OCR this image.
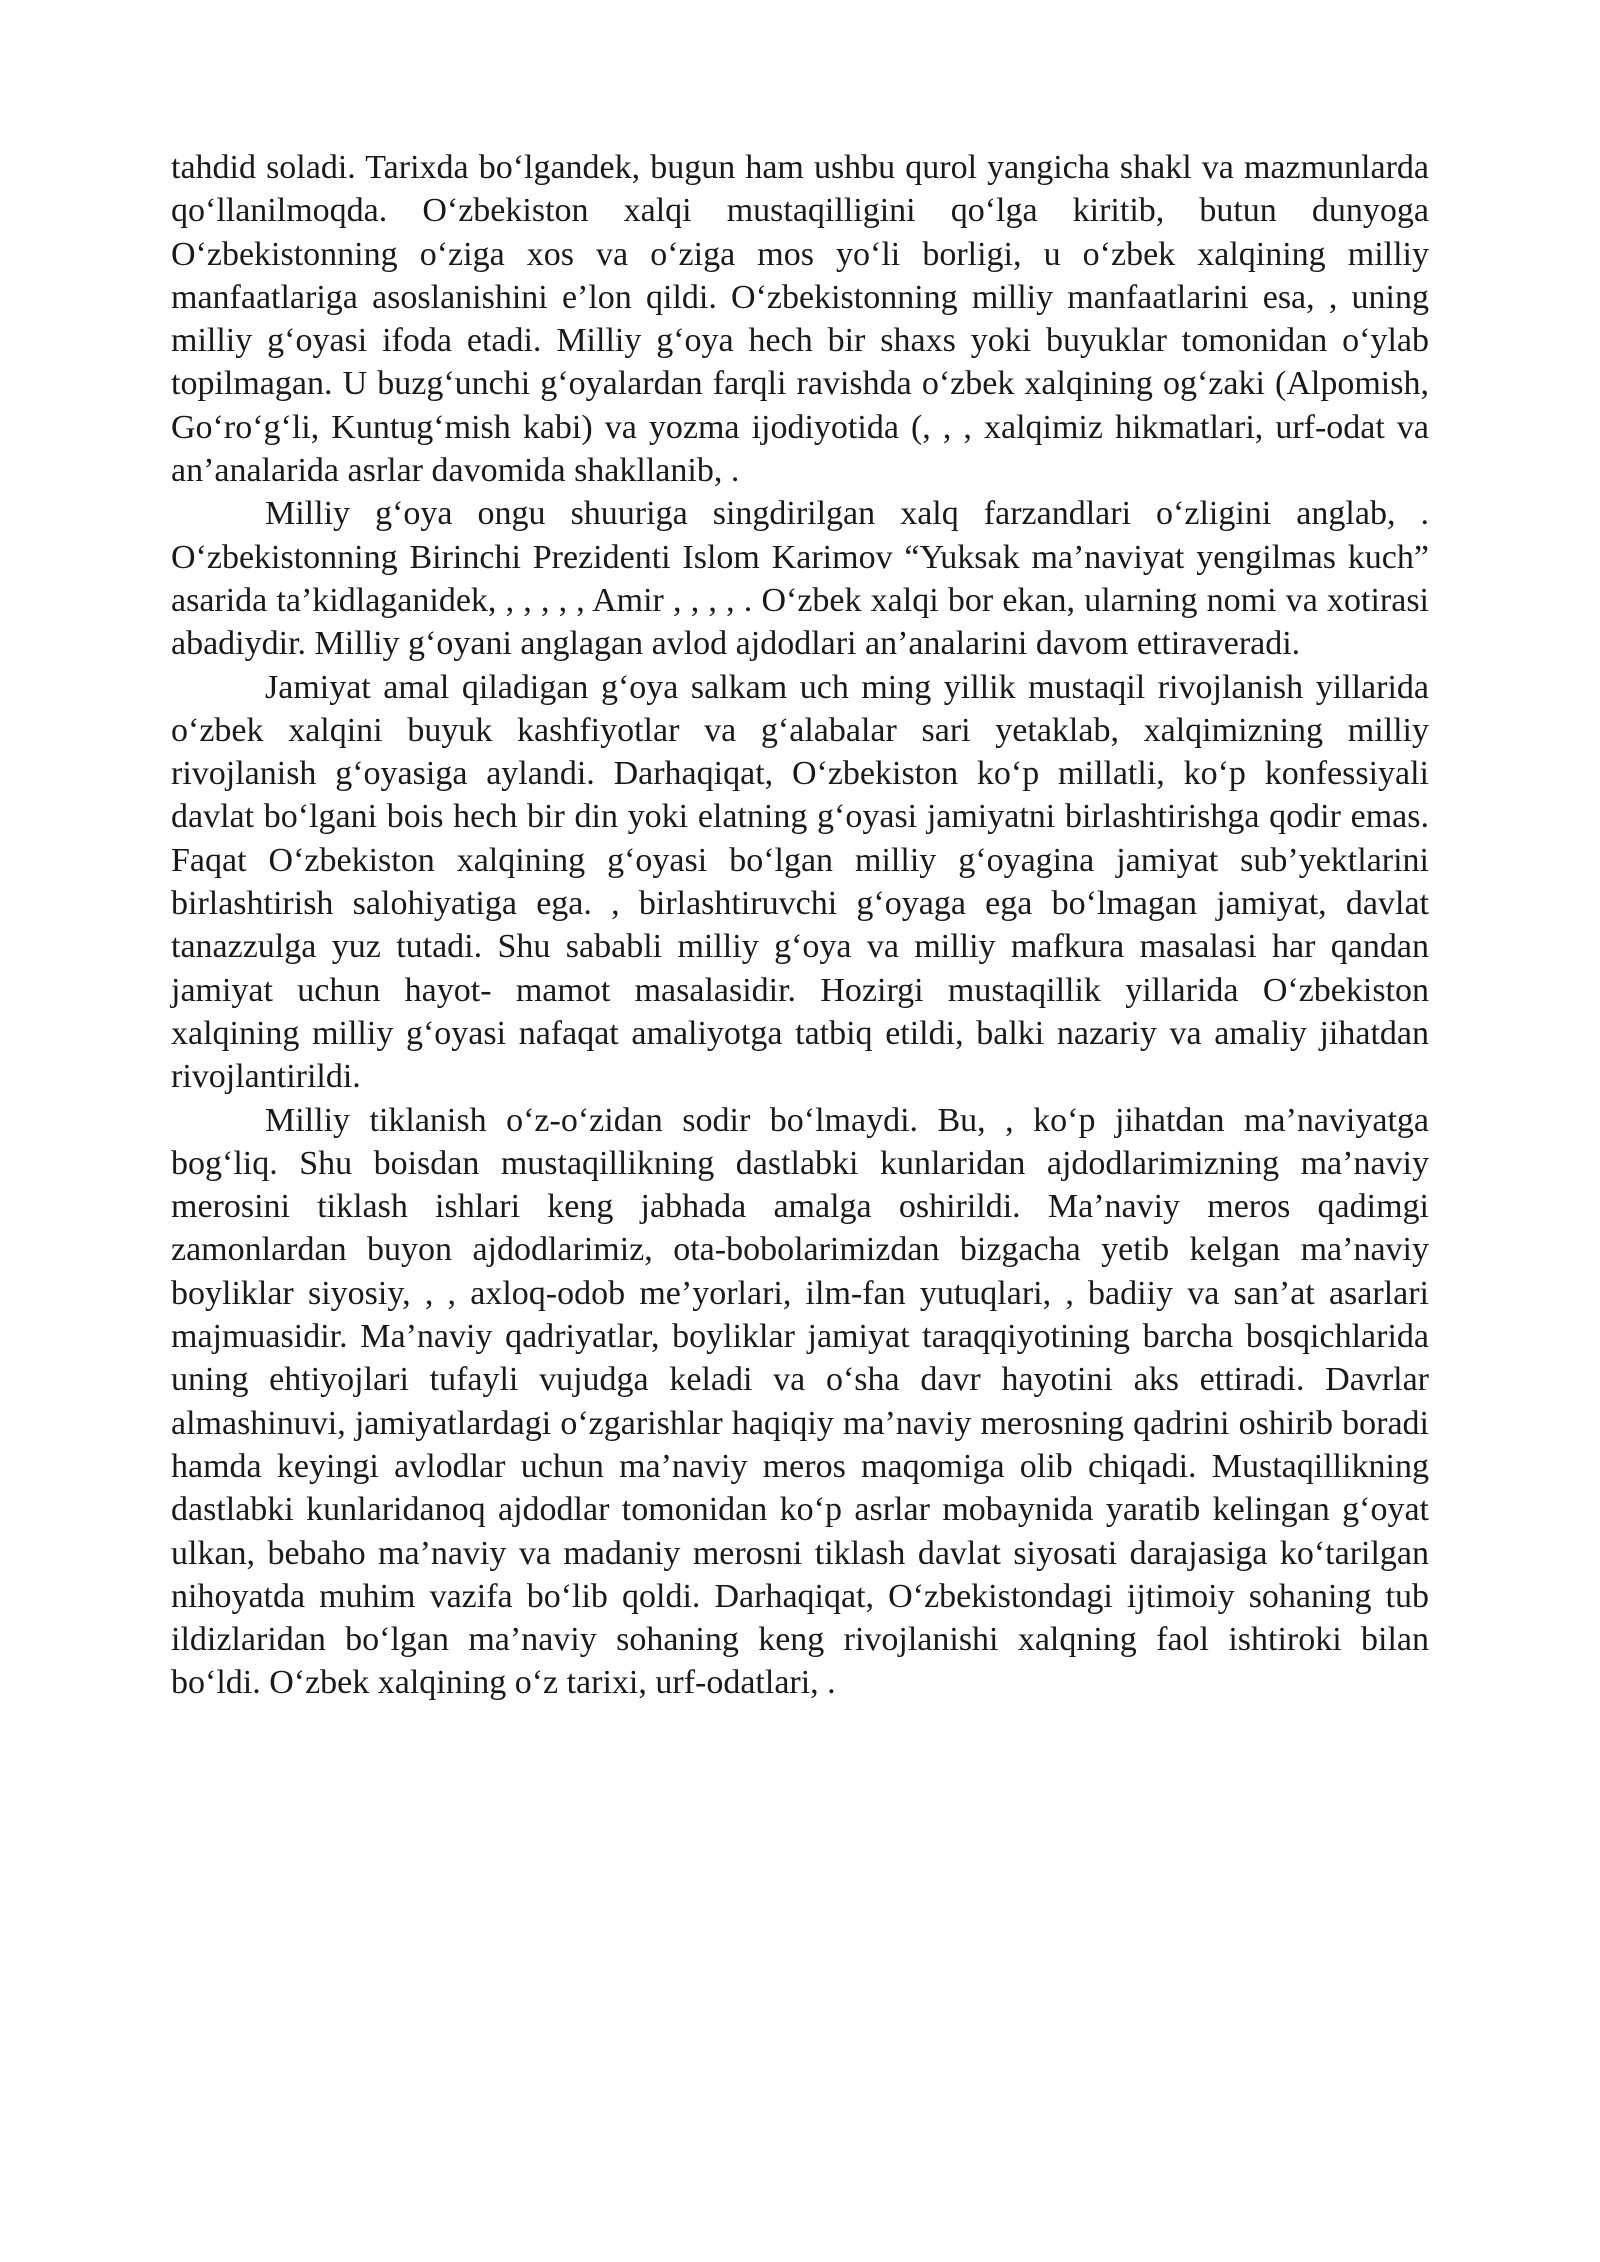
tahdid soladi. Tarixda bo‘lgandek, bugun ham ushbu qurol yangicha shakl va mazmunlarda qo‘llanilmoqda. O‘zbekiston xalqi mustaqilligini qo‘lga kiritib, butun dunyoga O‘zbekistonning o‘ziga xos va o‘ziga mos yo‘li borligi, u o‘zbek xalqining milliy manfaatlariga asoslanishini e’lon qildi. O‘zbekistonning milliy manfaatlarini esa, , uning milliy g‘oyasi ifoda etadi. Milliy g‘oya hech bir shaxs yoki buyuklar tomonidan o‘ylab topilmagan. U buzg‘unchi g‘oyalardan farqli ravishda o‘zbek xalqining og‘zaki (Alpomish, Go‘ro‘g‘li, Kuntug‘mish kabi) va yozma ijodiyotida (, , , xalqimiz hikmatlari, urf-odat va an’analarida asrlar davomida shakllanib, .

Milliy g‘oya ongu shuuriga singdirilgan xalq farzandlari o‘zligini anglab, . O‘zbekistonning Birinchi Prezidenti Islom Karimov “Yuksak ma’naviyat yengilmas kuch” asarida ta’kidlaganidek, , , , , , Amir , , , , . O‘zbek xalqi bor ekan, ularning nomi va xotirasi abadiydir. Milliy g‘oyani anglagan avlod ajdodlari an’analarini davom ettiraveradi.

Jamiyat amal qiladigan g‘oya salkam uch ming yillik mustaqil rivojlanish yillarida o‘zbek xalqini buyuk kashfiyotlar va g‘alabalar sari yetaklab, xalqimizning milliy rivojlanish g‘oyasiga aylandi. Darhaqiqat, O‘zbekiston ko‘p millatli, ko‘p konfessiyali davlat bo‘lgani bois hech bir din yoki elatning g‘oyasi jamiyatni birlashtirishga qodir emas. Faqat O‘zbekiston xalqining g‘oyasi bo‘lgan milliy g‘oyagina jamiyat sub’yektlarini birlashtirish salohiyatiga ega. , birlashtiruvchi g‘oyaga ega bo‘lmagan jamiyat, davlat tanazzulga yuz tutadi. Shu sababli milliy g‘oya va milliy mafkura masalasi har qandan jamiyat uchun hayot- mamot masalasidir. Hozirgi mustaqillik yillarida O‘zbekiston xalqining milliy g‘oyasi nafaqat amaliyotga tatbiq etildi, balki nazariy va amaliy jihatdan rivojlantirildi.

Milliy tiklanish o‘z-o‘zidan sodir bo‘lmaydi. Bu, , ko‘p jihatdan ma’naviyatga bog‘liq. Shu boisdan mustaqillikning dastlabki kunlaridan ajdodlarimizning ma’naviy merosini tiklash ishlari keng jabhada amalga oshirildi. Ma’naviy meros qadimgi zamonlardan buyon ajdodlarimiz, ota-bobolarimizdan bizgacha yetib kelgan ma’naviy boyliklar siyosiy, , , axloq-odob me’yorlari, ilm-fan yutuqlari, , badiiy va san’at asarlari majmuasidir. Ma’naviy qadriyatlar, boyliklar jamiyat taraqqiyotining barcha bosqichlarida uning ehtiyojlari tufayli vujudga keladi va o‘sha davr hayotini aks ettiradi. Davrlar almashinuvi, jamiyatlardagi o‘zgarishlar haqiqiy ma’naviy merosning qadrini oshirib boradi hamda keyingi avlodlar uchun ma’naviy meros maqomiga olib chiqadi. Mustaqillikning dastlabki kunlaridanoq ajdodlar tomonidan ko‘p asrlar mobaynida yaratib kelingan g‘oyat ulkan, bebaho ma’naviy va madaniy merosni tiklash davlat siyosati darajasiga ko‘tarilgan nihoyatda muhim vazifa bo‘lib qoldi. Darhaqiqat, O‘zbekistondagi ijtimoiy sohaning tub ildizlaridan bo‘lgan ma’naviy sohaning keng rivojlanishi xalqning faol ishtiroki bilan bo‘ldi. O‘zbek xalqining o‘z tarixi, urf-odatlari, .
